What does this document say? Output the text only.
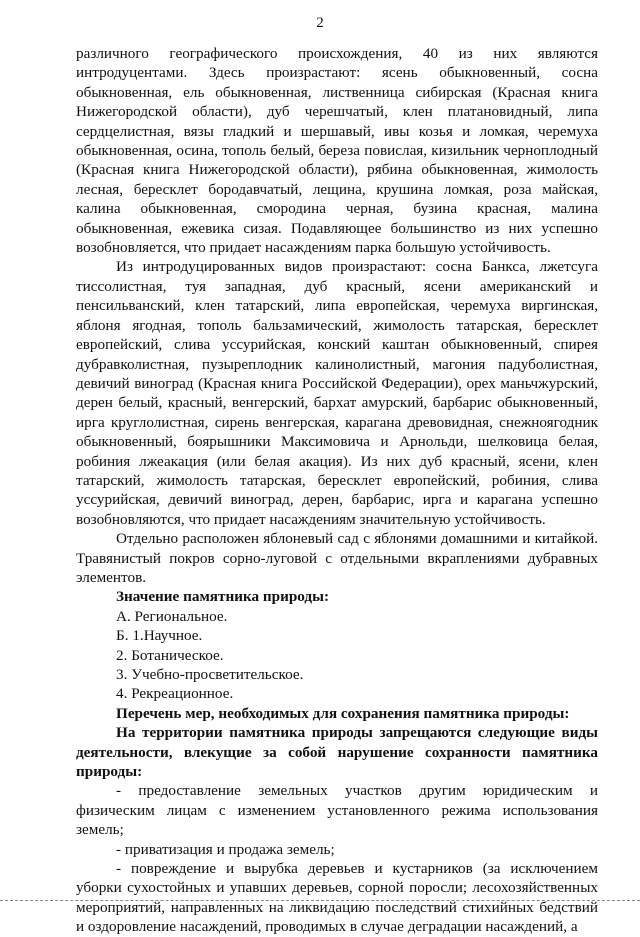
2

различного географического происхождения, 40 из них являются интродуцентами. Здесь произрастают: ясень обыкновенный, сосна обыкновенная, ель обыкновенная, лиственница сибирская (Красная книга Нижегородской области), дуб черешчатый, клен платановидный, липа сердцелистная, вязы гладкий и шершавый, ивы козья и ломкая, черемуха обыкновенная, осина, тополь белый, береза повислая, кизильник черноплодный (Красная книга Нижегородской области), рябина обыкновенная, жимолость лесная, бересклет бородавчатый, лещина, крушина ломкая, роза майская, калина обыкновенная, смородина черная, бузина красная, малина обыкновенная, ежевика сизая. Подавляющее большинство из них успешно возобновляется, что придает насаждениям парка большую устойчивость.

Из интродуцированных видов произрастают: сосна Банкса, лжетсуга тиссолистная, туя западная, дуб красный, ясени американский и пенсильванский, клен татарский, липа европейская, черемуха виргинская, яблоня ягодная, тополь бальзамический, жимолость татарская, бересклет европейский, слива уссурийская, конский каштан обыкновенный, спирея дубравколистная, пузыреплодник калинолистный, магония падуболистная, девичий виноград (Красная книга Российской Федерации), орех маньчжурский, дерен белый, красный, венгерский, бархат амурский, барбарис обыкновенный, ирга круглолистная, сирень венгерская, карагана древовидная, снежноягодник обыкновенный, боярышники Максимовича и Арнольди, шелковица белая, робиния лжеакация (или белая акация). Из них дуб красный, ясени, клен татарский, жимолость татарская, бересклет европейский, робиния, слива уссурийская, девичий виноград, дерен, барбарис, ирга и карагана успешно возобновляются, что придает насаждениям значительную устойчивость.

Отдельно расположен яблоневый сад с яблонями домашними и китайкой. Травянистый покров сорно-луговой с отдельными вкраплениями дубравных элементов.

Значение памятника природы:

А. Региональное.

Б. 1.Научное.

2. Ботаническое.

3. Учебно-просветительское.

4. Рекреационное.

Перечень мер, необходимых для сохранения памятника природы:

На территории памятника природы запрещаются следующие виды деятельности, влекущие за собой нарушение сохранности памятника природы:

- предоставление земельных участков другим юридическим и физическим лицам с изменением установленного режима использования земель;

- приватизация и продажа земель;

- повреждение и вырубка деревьев и кустарников (за исключением уборки сухостойных и упавших деревьев, сорной поросли; лесохозяйственных мероприятий, направленных на ликвидацию последствий стихийных бедствий и оздоровление насаждений, проводимых в случае деградации насаждений, а
